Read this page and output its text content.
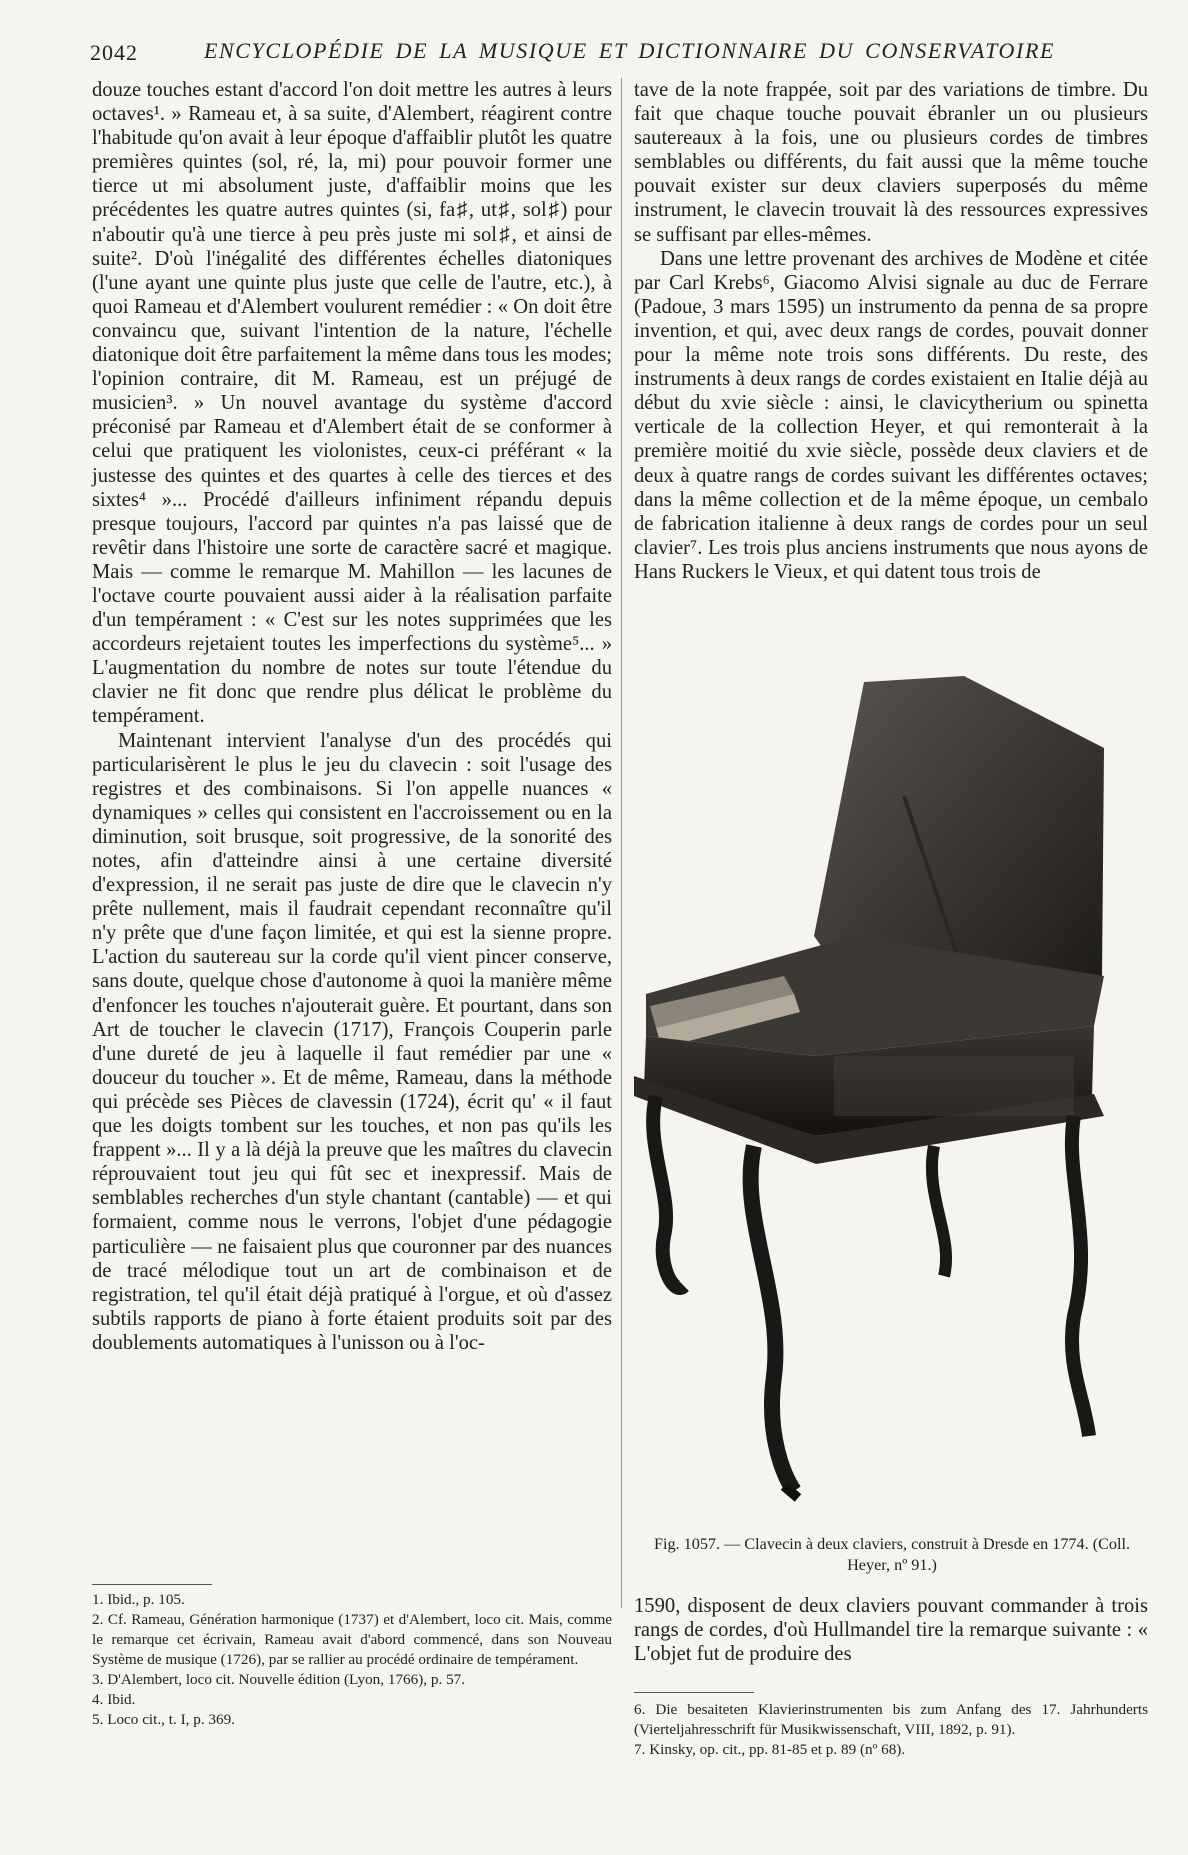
2042	ENCYCLOPÉDIE DE LA MUSIQUE ET DICTIONNAIRE DU CONSERVATOIRE

douze touches estant d'accord l'on doit mettre les autres à leurs octaves¹. » Rameau et, à sa suite, d'Alembert, réagirent contre l'habitude qu'on avait à leur époque d'affaiblir plutôt les quatre premières quintes (sol, ré, la, mi) pour pouvoir former une tierce ut mi absolument juste, d'affaiblir moins que les précédentes les quatre autres quintes (si, fa♯, ut♯, sol♯) pour n'aboutir qu'à une tierce à peu près juste mi sol♯, et ainsi de suite². D'où l'inégalité des différentes échelles diatoniques (l'une ayant une quinte plus juste que celle de l'autre, etc.), à quoi Rameau et d'Alembert voulurent remédier : « On doit être convaincu que, suivant l'intention de la nature, l'échelle diatonique doit être parfaitement la même dans tous les modes; l'opinion contraire, dit M. Rameau, est un préjugé de musicien³. » Un nouvel avantage du système d'accord préconisé par Rameau et d'Alembert était de se conformer à celui que pratiquent les violonistes, ceux-ci préférant « la justesse des quintes et des quartes à celle des tierces et des sixtes⁴ »... Procédé d'ailleurs infiniment répandu depuis presque toujours, l'accord par quintes n'a pas laissé que de revêtir dans l'histoire une sorte de caractère sacré et magique. Mais — comme le remarque M. Mahillon — les lacunes de l'octave courte pouvaient aussi aider à la réalisation parfaite d'un tempérament : « C'est sur les notes supprimées que les accordeurs rejetaient toutes les imperfections du système⁵... » L'augmentation du nombre de notes sur toute l'étendue du clavier ne fit donc que rendre plus délicat le problème du tempérament.

Maintenant intervient l'analyse d'un des procédés qui particularisèrent le plus le jeu du clavecin : soit l'usage des registres et des combinaisons. Si l'on appelle nuances « dynamiques » celles qui consistent en l'accroissement ou en la diminution, soit brusque, soit progressive, de la sonorité des notes, afin d'atteindre ainsi à une certaine diversité d'expression, il ne serait pas juste de dire que le clavecin n'y prête nullement, mais il faudrait cependant reconnaître qu'il n'y prête que d'une façon limitée, et qui est la sienne propre. L'action du sautereau sur la corde qu'il vient pincer conserve, sans doute, quelque chose d'autonome à quoi la manière même d'enfoncer les touches n'ajouterait guère. Et pourtant, dans son Art de toucher le clavecin (1717), François Couperin parle d'une dureté de jeu à laquelle il faut remédier par une « douceur du toucher ». Et de même, Rameau, dans la méthode qui précède ses Pièces de clavessin (1724), écrit qu' « il faut que les doigts tombent sur les touches, et non pas qu'ils les frappent »... Il y a là déjà la preuve que les maîtres du clavecin réprouvaient tout jeu qui fût sec et inexpressif. Mais de semblables recherches d'un style chantant (cantable) — et qui formaient, comme nous le verrons, l'objet d'une pédagogie particulière — ne faisaient plus que couronner par des nuances de tracé mélodique tout un art de combinaison et de registration, tel qu'il était déjà pratiqué à l'orgue, et où d'assez subtils rapports de piano à forte étaient produits soit par des doublements automatiques à l'unisson ou à l'oc-

tave de la note frappée, soit par des variations de timbre. Du fait que chaque touche pouvait ébranler un ou plusieurs sautereaux à la fois, une ou plusieurs cordes de timbres semblables ou différents, du fait aussi que la même touche pouvait exister sur deux claviers superposés du même instrument, le clavecin trouvait là des ressources expressives se suffisant par elles-mêmes.

Dans une lettre provenant des archives de Modène et citée par Carl Krebs⁶, Giacomo Alvisi signale au duc de Ferrare (Padoue, 3 mars 1595) un instrumento da penna de sa propre invention, et qui, avec deux rangs de cordes, pouvait donner pour la même note trois sons différents. Du reste, des instruments à deux rangs de cordes existaient en Italie déjà au début du xvie siècle : ainsi, le clavicytherium ou spinetta verticale de la collection Heyer, et qui remonterait à la première moitié du xvie siècle, possède deux claviers et de deux à quatre rangs de cordes suivant les différentes octaves; dans la même collection et de la même époque, un cembalo de fabrication italienne à deux rangs de cordes pour un seul clavier⁷. Les trois plus anciens instruments que nous ayons de Hans Ruckers le Vieux, et qui datent tous trois de

Fig. 1057. — Clavecin à deux claviers, construit à Dresde en 1774. (Coll. Heyer, nº 91.)

1. Ibid., p. 105.

2. Cf. Rameau, Génération harmonique (1737) et d'Alembert, loco cit. Mais, comme le remarque cet écrivain, Rameau avait d'abord commencé, dans son Nouveau Système de musique (1726), par se rallier au procédé ordinaire de tempérament.

3. D'Alembert, loco cit. Nouvelle édition (Lyon, 1766), p. 57.

4. Ibid.

5. Loco cit., t. I, p. 369.

1590, disposent de deux claviers pouvant commander à trois rangs de cordes, d'où Hullmandel tire la remarque suivante : « L'objet fut de produire des

6. Die besaiteten Klavierinstrumenten bis zum Anfang des 17. Jahrhunderts (Vierteljahresschrift für Musikwissenschaft, VIII, 1892, p. 91).

7. Kinsky, op. cit., pp. 81-85 et p. 89 (nº 68).
